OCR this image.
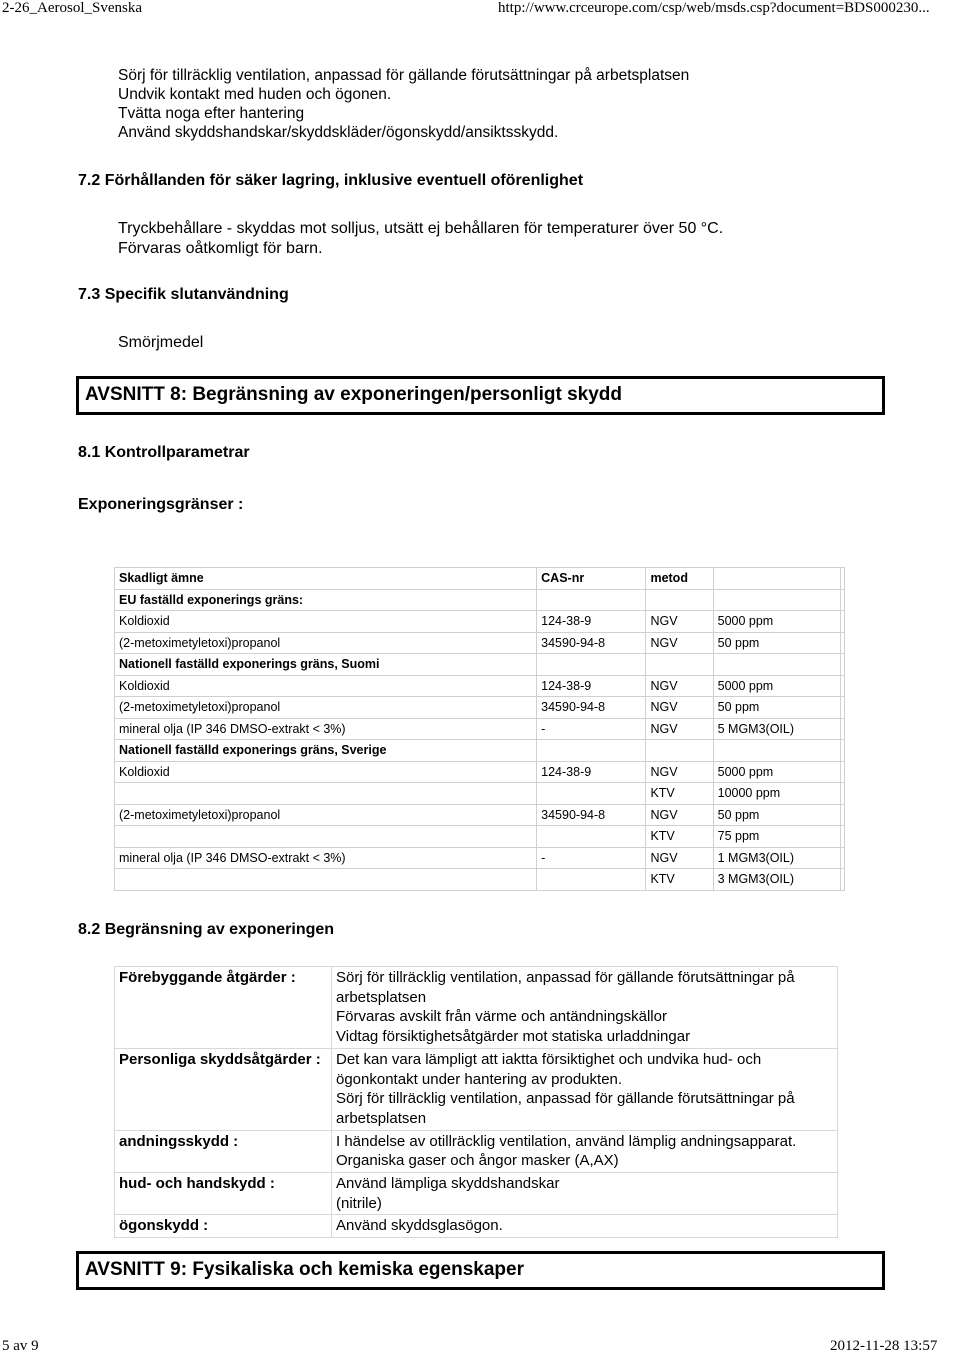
2-26_Aerosol_Svenska	http://www.crceurope.com/csp/web/msds.csp?document=BDS000230...
Sörj för tillräcklig ventilation, anpassad för gällande förutsättningar på arbetsplatsen
Undvik kontakt med huden och ögonen.
Tvätta noga efter hantering
Använd skyddshandskar/skyddskläder/ögonskydd/ansiktsskydd.
7.2 Förhållanden för säker lagring, inklusive eventuell oförenlighet
Tryckbehållare - skyddas mot solljus, utsätt ej behållaren för temperaturer över 50 °C.
Förvaras oåtkomligt för barn.
7.3 Specifik slutanvändning
Smörjmedel
AVSNITT 8: Begränsning av exponeringen/personligt skydd
8.1 Kontrollparametrar
Exponeringsgränser :
Skadligt ämne	CAS-nr	metod		
EU faställd exponerings gräns:				
Koldioxid	124-38-9	NGV	5000 ppm	
(2-metoximetyletoxi)propanol	34590-94-8	NGV	50 ppm	
Nationell faställd exponerings gräns, Suomi				
Koldioxid	124-38-9	NGV	5000 ppm	
(2-metoximetyletoxi)propanol	34590-94-8	NGV	50 ppm	
mineral olja (IP 346 DMSO-extrakt < 3%)	-	NGV	5 MGM3(OIL)	
Nationell faställd exponerings gräns, Sverige				
Koldioxid	124-38-9	NGV	5000 ppm	
		KTV	10000 ppm	
(2-metoximetyletoxi)propanol	34590-94-8	NGV	50 ppm	
		KTV	75 ppm	
mineral olja (IP 346 DMSO-extrakt < 3%)	-	NGV	1 MGM3(OIL)	
		KTV	3 MGM3(OIL)	
8.2 Begränsning av exponeringen
Förebyggande åtgärder :	Sörj för tillräcklig ventilation, anpassad för gällande förutsättningar på
arbetsplatsen
Förvaras avskilt från värme och antändningskällor
Vidtag försiktighetsåtgärder mot statiska urladdningar

Personliga skyddsåtgärder :	Det kan vara lämpligt att iaktta försiktighet och undvika hud- och
ögonkontakt under hantering av produkten.
Sörj för tillräcklig ventilation, anpassad för gällande förutsättningar på
arbetsplatsen

andningsskydd :	I händelse av otillräcklig ventilation, använd lämplig andningsapparat.
Organiska gaser och ångor masker (A,AX)

hud- och handskydd :	Använd lämpliga skyddshandskar
(nitrile)

ögonskydd :	Använd skyddsglasögon.
AVSNITT 9: Fysikaliska och kemiska egenskaper
5 av 9	2012-11-28 13:57
